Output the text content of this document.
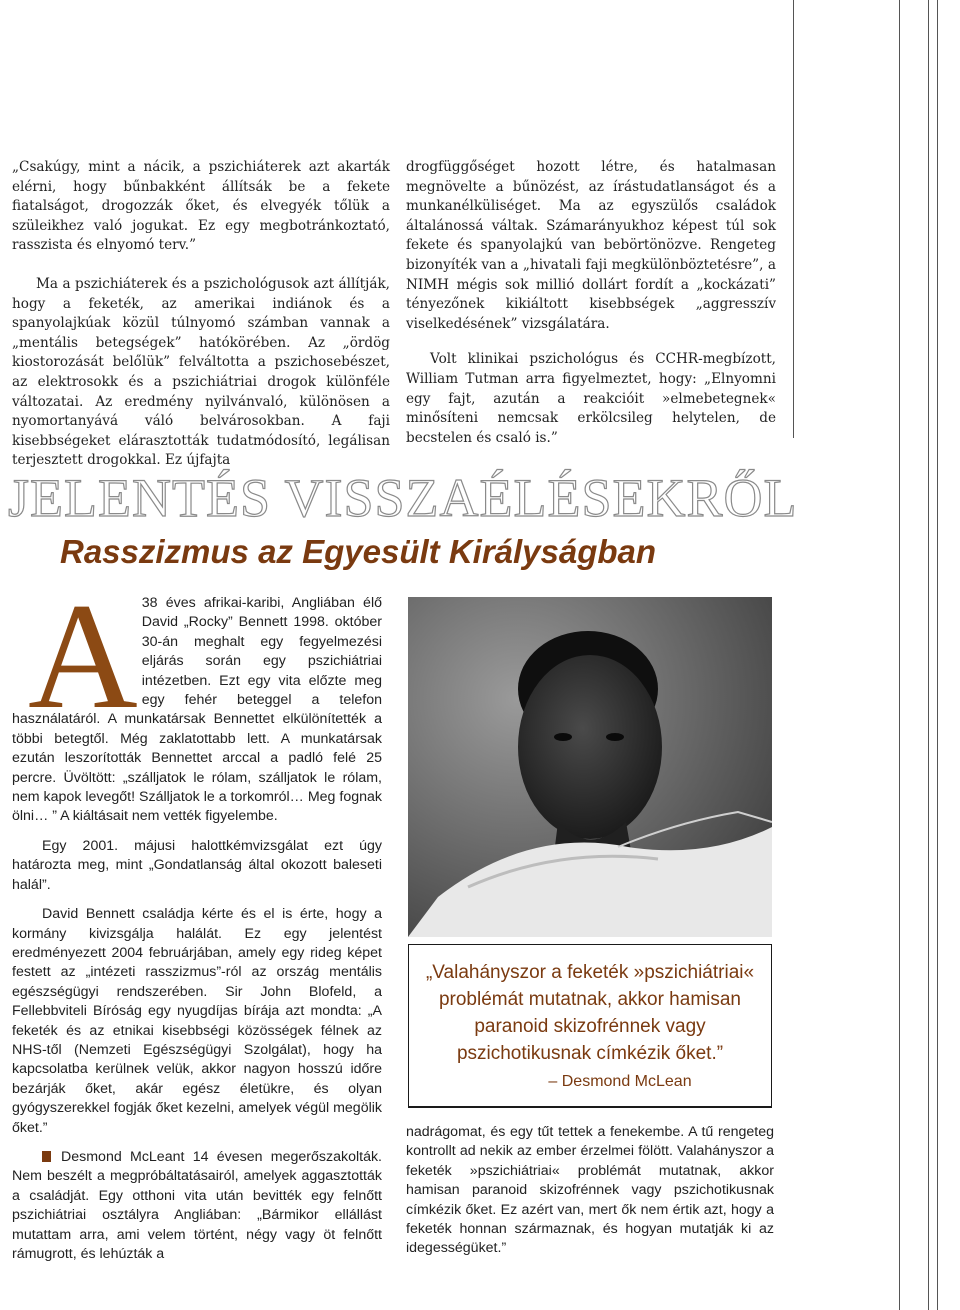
„Csakúgy, mint a nácik, a pszichiáterek azt akarták elérni, hogy bűnbakként állítsák be a fekete fiatalságot, drogozzák őket, és elvegyék tőlük a szüleikhez való jogukat. Ez egy megbotránkoztató, rasszista és elnyomó terv.”

Ma a pszichiáterek és a pszichológusok azt állítják, hogy a feketék, az amerikai indiánok és a spanyolajkúak közül túlnyomó számban vannak a „mentális betegségek” hatókörében. Az „ördög kiostorozását belőlük” felváltotta a pszichosebészet, az elektrosokk és a pszichiátriai drogok különféle változatai. Az eredmény nyilvánvaló, különösen a nyomortanyává váló belvárosokban. A faji kisebbségeket elárasztották tudatmódosító, legálisan terjesztett drogokkal. Ez újfajta

drogfüggőséget hozott létre, és hatalmasan megnövelte a bűnözést, az írástudatlanságot és a munkanélküliséget. Ma az egyszülős családok általánossá váltak. Számarányukhoz képest túl sok fekete és spanyolajkú van bebörtönözve. Rengeteg bizonyíték van a „hivatali faji megkülönböztetésre”, a NIMH mégis sok millió dollárt fordít a „kockázati” tényezőnek kikiáltott kisebbségek „aggresszív viselkedésének” vizsgálatára.

Volt klinikai pszichológus és CCHR-megbízott, William Tutman arra figyelmeztet, hogy: „Elnyomni egy fajt, azután a reakcióit »elmebetegnek« minősíteni nemcsak erkölcsileg helytelen, de becstelen és csaló is.”

JELENTÉS VISSZAÉLÉSEKRŐL
Rasszizmus az Egyesült Királyságban

A 38 éves afrikai-karibi, Angliában élő David „Rocky” Bennett 1998. október 30-án meghalt egy fegyelmezési eljárás során egy pszichiátriai intézetben. Ezt egy vita előzte meg egy fehér beteggel a telefon használatáról. A munkatársak Bennettet elkülönítették a többi betegtől. Még zaklatottabb lett. A munkatársak ezután leszorították Bennettet arccal a padló felé 25 percre. Üvöltött: „szálljatok le rólam, szálljatok le rólam, nem kapok levegőt! Szálljatok le a torkomról… Meg fognak ölni… ” A kiáltásait nem vették figyelembe.

Egy 2001. májusi halottkémvizsgálat ezt úgy határozta meg, mint „Gondatlanság által okozott baleseti halál”.

David Bennett családja kérte és el is érte, hogy a kormány kivizsgálja halálát. Ez egy jelentést eredményezett 2004 februárjában, amely egy rideg képet festett az „intézeti rasszizmus”-ról az ország mentális egészségügyi rendszerében. Sir John Blofeld, a Fellebbviteli Bíróság egy nyugdíjas bírája azt mondta: „A feketék és az etnikai kisebbségi közösségek félnek az NHS-től (Nemzeti Egészségügyi Szolgálat), hogy ha kapcsolatba kerülnek velük, akkor nagyon hosszú időre bezárják őket, akár egész életükre, és olyan gyógyszerekkel fogják őket kezelni, amelyek végül megölik őket.”

Desmond McLeant 14 évesen megerőszakolták. Nem beszélt a megpróbáltatásairól, amelyek aggasztották a családját. Egy otthoni vita után bevitték egy felnőtt pszichiátriai osztályra Angliában: „Bármikor ellállást mutattam arra, ami velem történt, négy vagy öt felnőtt rámugrott, és lehúzták a

„Valahányszor a feketék »pszichiátriai« problémát mutatnak, akkor hamisan paranoid skizofrénnek vagy pszichotikusnak címkézik őket.”
– Desmond McLean

nadrágomat, és egy tűt tettek a fenekembe. A tű rengeteg kontrollt ad nekik az ember érzelmei fölött. Valahányszor a feketék »pszichiátriai« problémát mutatnak, akkor hamisan paranoid skizofrénnek vagy pszichotikusnak címkézik őket. Ez azért van, mert ők nem értik azt, hogy a feketék honnan származnak, és hogyan mutatják ki az idegességüket.”
